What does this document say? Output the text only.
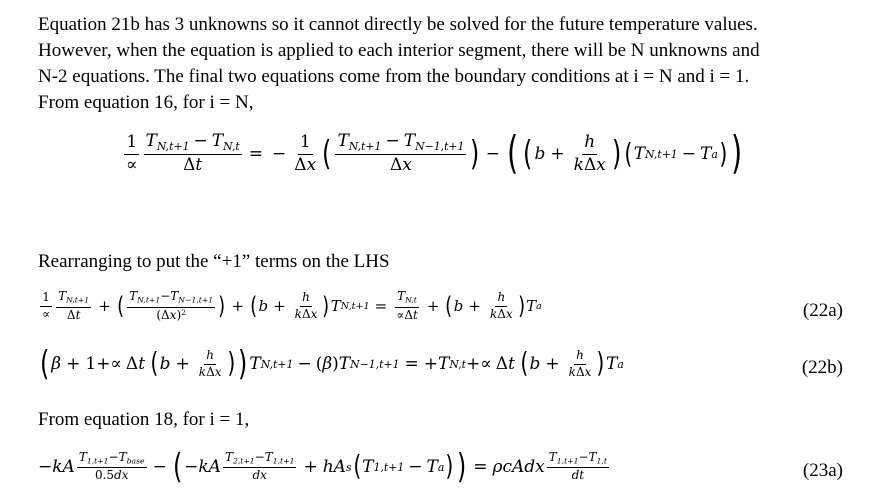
Equation 21b has 3 unknowns so it cannot directly be solved for the future temperature values.
However, when the equation is applied to each interior segment, there will be N unknowns and
N-2 equations. The final two equations come from the boundary conditions at i = N and i = 1.
From equation 16, for i = N,
$\frac{1}{\propto} \frac{T_{N,t+1} - T_{N,t}}{\Delta t}$ = − $\frac{1}{\Delta x}$ ( $\frac{T_{N,t+1} - T_{N-1,t+1}}{\Delta x}$ ) − ( ( $b + \frac{h}{\text{kΔx}}$ ) ( T N,t+1 − T a ) )
Rearranging to put the “+1” terms on the LHS
$\frac{1}{\propto} \frac{T_{N,t+1}}{\Delta t}$ + ( $\frac{T_{N,t+1}-T_{N-1,t+1}}{(\Delta x)^2}$ ) + ( $b + \frac{h}{\text{kΔx}}$ ) T $N,t+1 = \frac{T_{N,t}}{\propto\Delta t}$ + ( $b + \frac{h}{\text{kΔx}}$ ) T a	(22a)
( β + 1+∝ Δ t ( $b + \frac{h}{\text{kΔx}}$ ) ) T N,t+1 − ( β ) T N−1,t+1 = + T N,t +∝ Δ t ( $b + \frac{h}{\text{kΔx}}$ ) T a	(22b)
From equation 18, for i = 1,
− kA $\frac{T_{1,t+1}-T_{base}}{0.5dx}$ − ( − kA $\frac{T_{2,t+1}-T_{1,t+1}}{dx}$ + hA s ( T 1,t+1 − T a ) ) = ρcAdx $\frac{T_{1,t+1}-T_{1,t}}{dt}$	(23a)
